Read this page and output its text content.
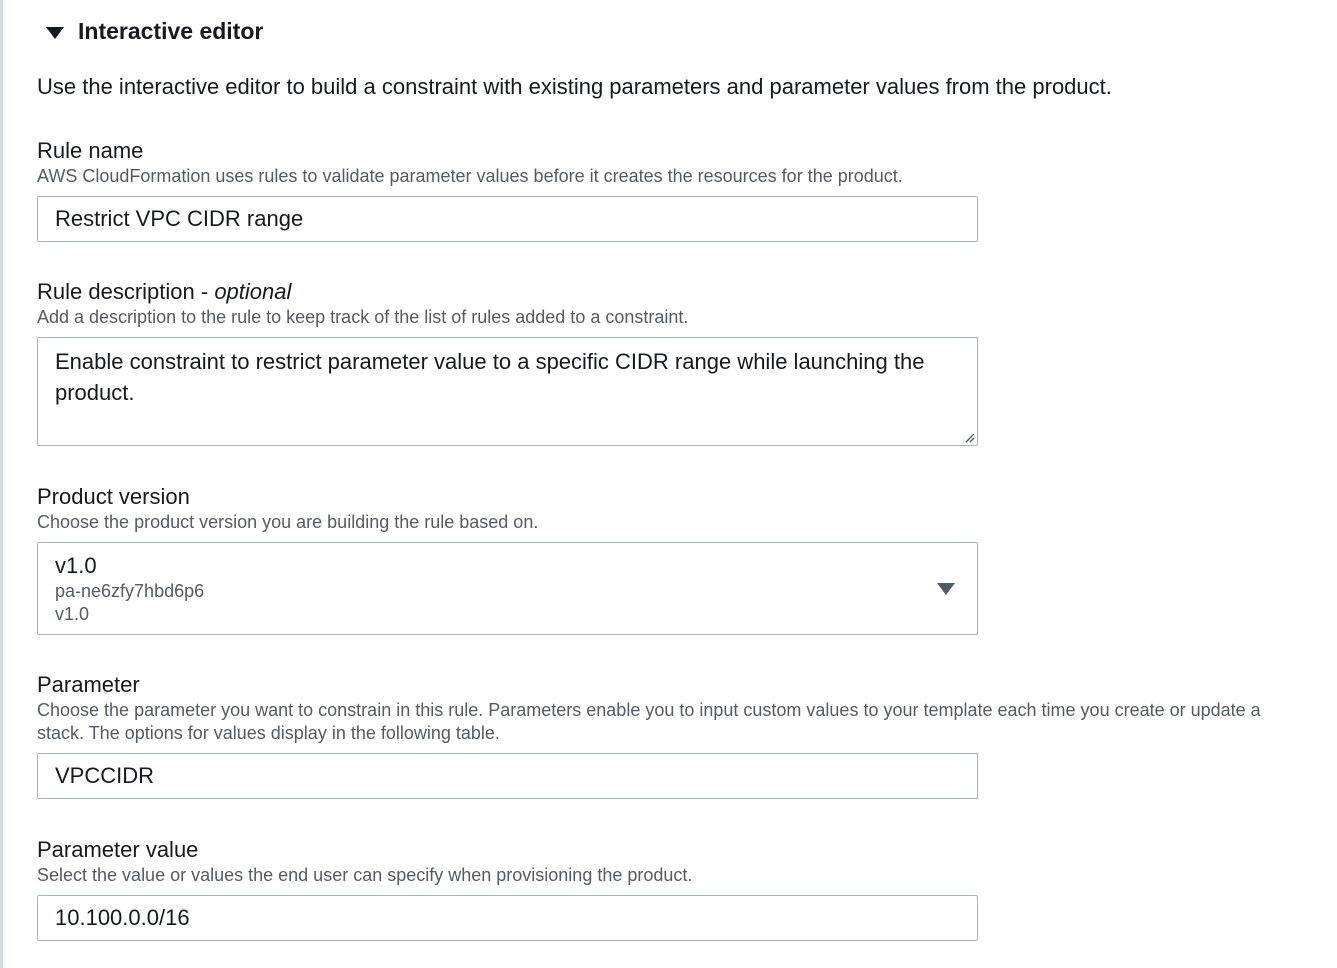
Interactive editor
Use the interactive editor to build a constraint with existing parameters and parameter values from the product.
Rule name
AWS CloudFormation uses rules to validate parameter values before it creates the resources for the product.
Restrict VPC CIDR range
Rule description - optional
Add a description to the rule to keep track of the list of rules added to a constraint.
Enable constraint to restrict parameter value to a specific CIDR range while launching the product.
Product version
Choose the product version you are building the rule based on.
v1.0
pa-ne6zfy7hbd6p6
v1.0
Parameter
Choose the parameter you want to constrain in this rule. Parameters enable you to input custom values to your template each time you create or update a stack. The options for values display in the following table.
VPCCIDR
Parameter value
Select the value or values the end user can specify when provisioning the product.
10.100.0.0/16
